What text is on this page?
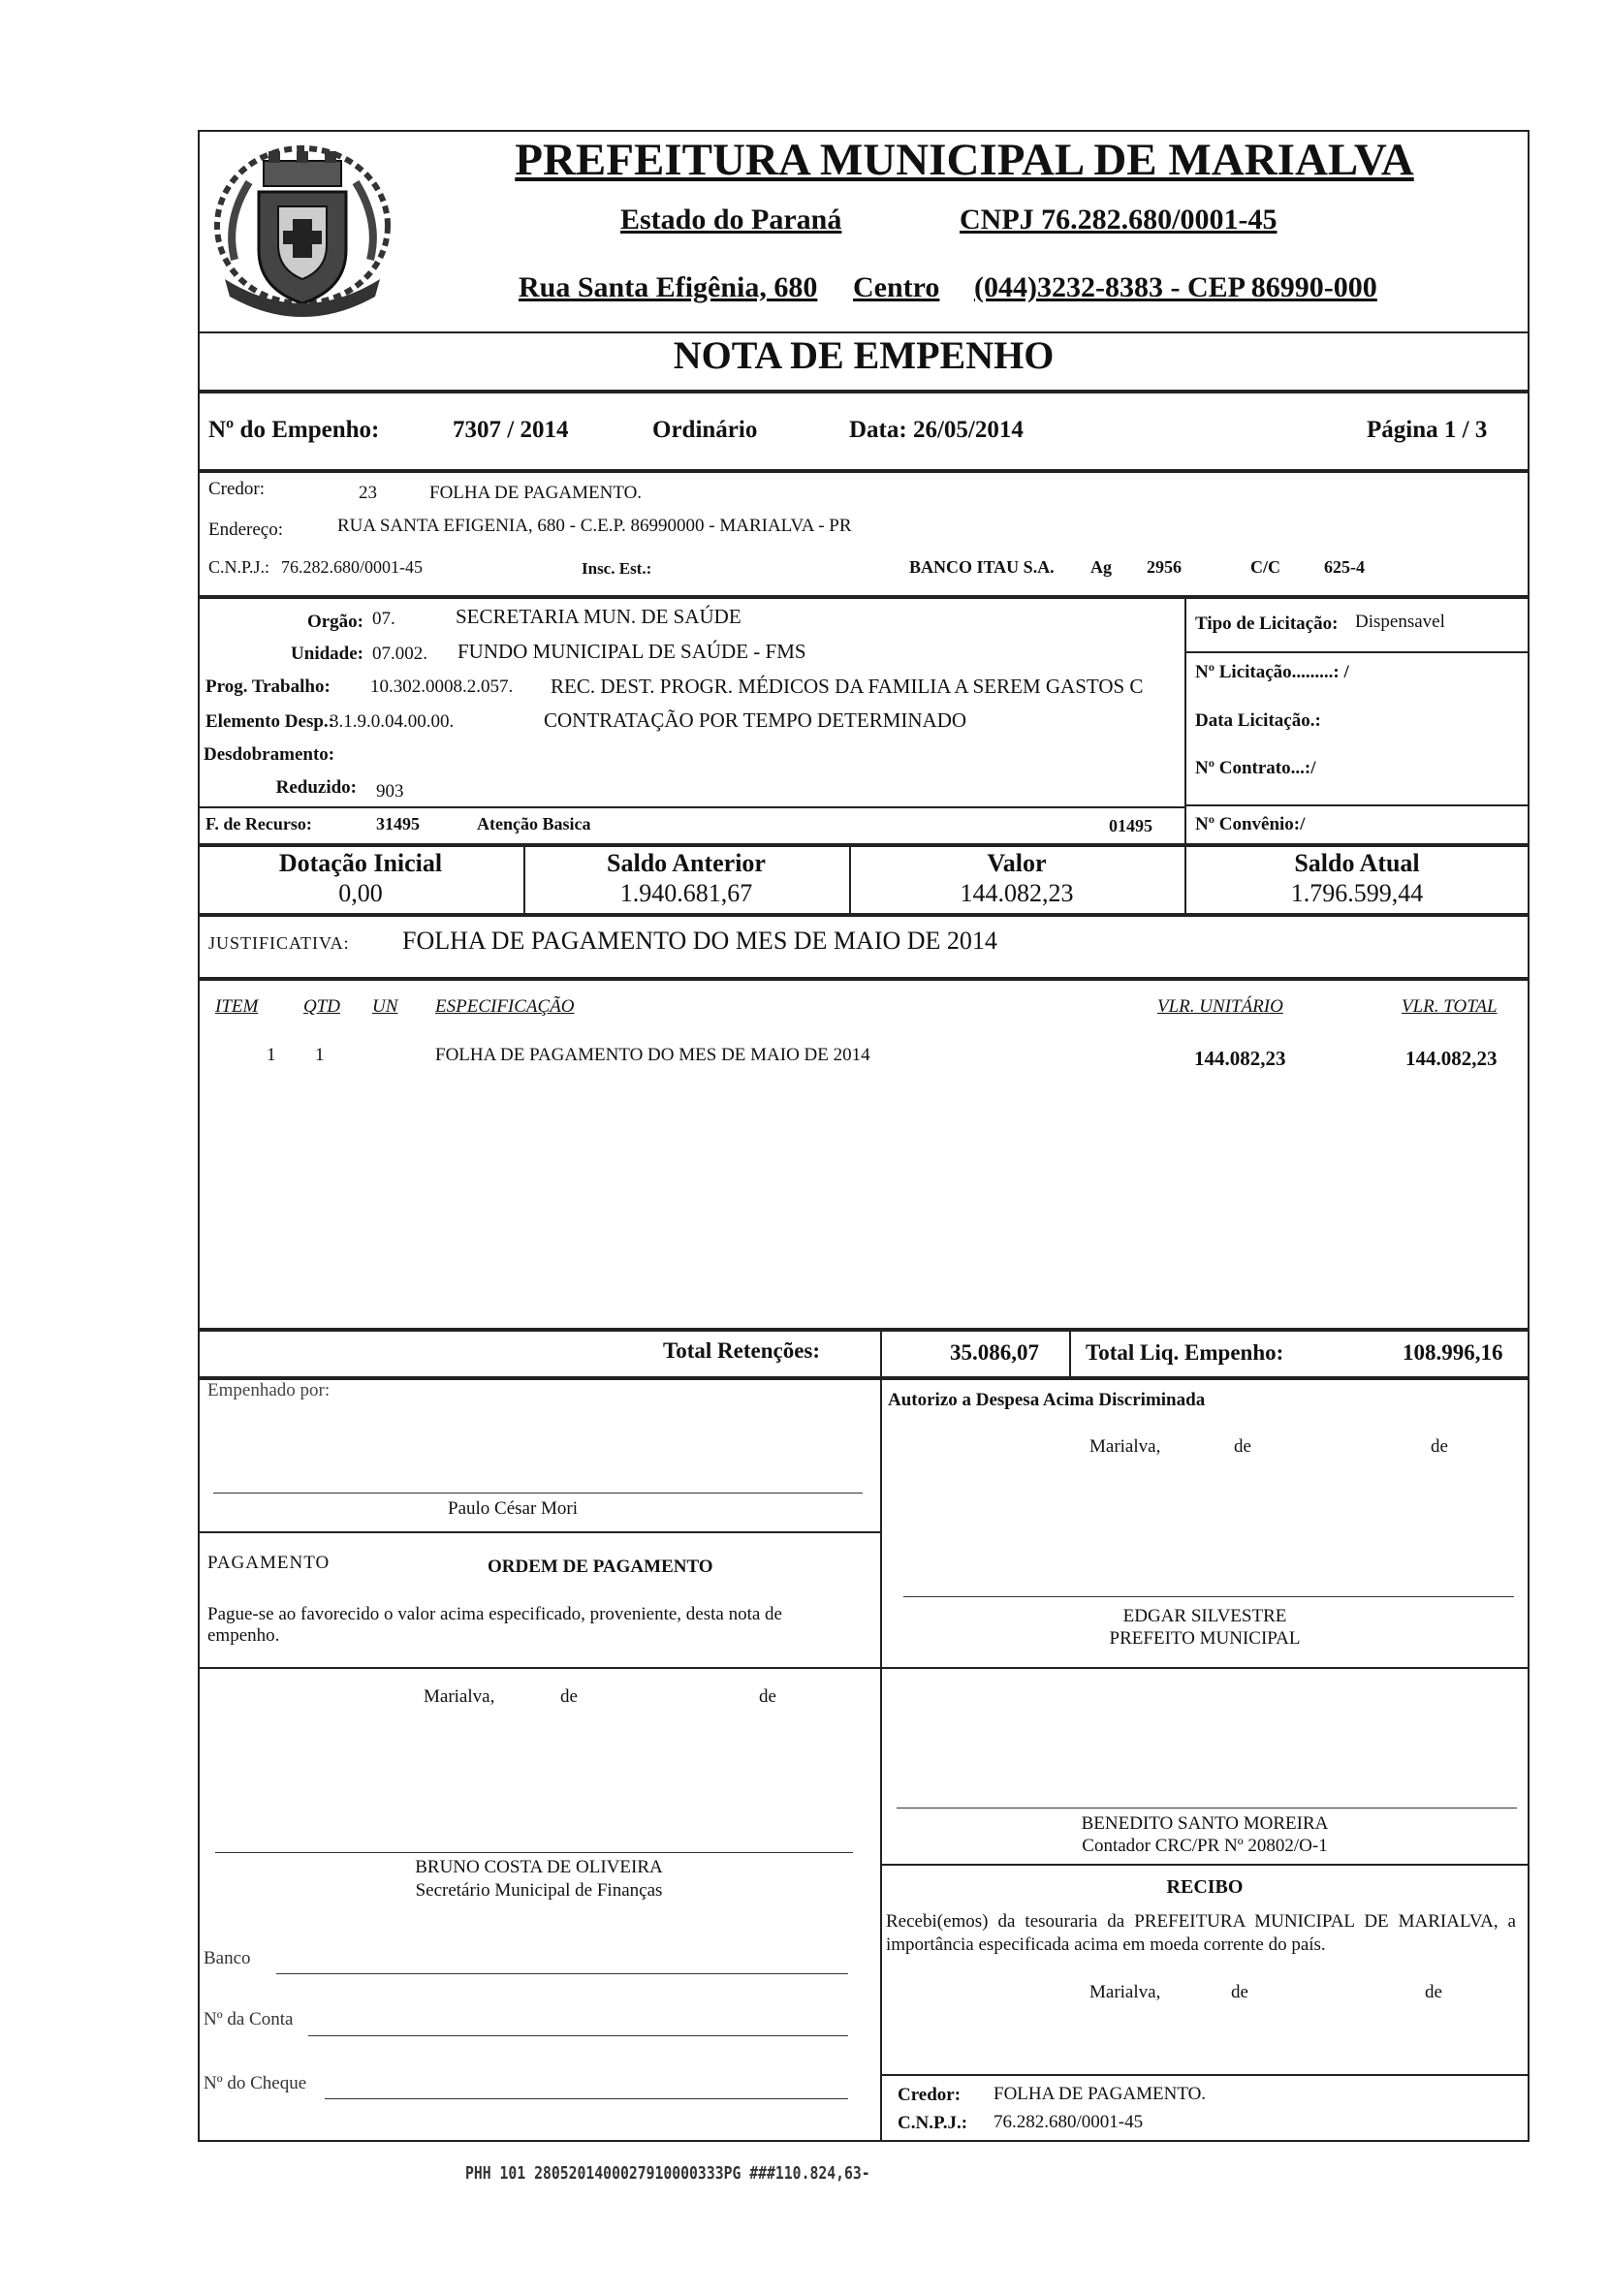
PREFEITURA MUNICIPAL DE MARIALVA
Estado do Paraná	CNPJ 76.282.680/0001-45
Rua Santa Efigênia, 680 Centro (044)3232-8383 - CEP 86990-000
NOTA DE EMPENHO
Nº do Empenho:	7307 / 2014	Ordinário	Data: 26/05/2014	Página 1 / 3
Credor:	23	FOLHA DE PAGAMENTO.
Endereço:	RUA SANTA EFIGENIA, 680 - C.E.P. 86990000 - MARIALVA - PR
C.N.P.J.: 76.282.680/0001-45	Insc. Est.:	BANCO ITAU S.A. Ag 2956	C/C	625-4
Orgão: 07.	SECRETARIA MUN. DE SAÚDE
Unidade: 07.002. FUNDO MUNICIPAL DE SAÚDE - FMS
Prog. Trabalho: 10.302.0008.2.057. REC. DEST. PROGR. MÉDICOS DA FAMILIA A SEREM GASTOS C
Elemento Desp.:
3.1.9.0.04.00.00.	CONTRATAÇÃO POR TEMPO DETERMINADO
Desdobramento:
Reduzido: 903
F. de Recurso:	31495	Atenção Basica	01495
Tipo de Licitação: Dispensavel
Nº Licitação.........: /
Data Licitação.:
Nº Contrato...:/
Nº Convênio:/
Dotação Inicial
0,00
Saldo Anterior
1.940.681,67
Valor
144.082,23
Saldo Atual
1.796.599,44
JUSTIFICATIVA: FOLHA DE PAGAMENTO DO MES DE MAIO DE 2014
ITEM QTD UN ESPECIFICAÇÃO	VLR. UNITÁRIO	VLR. TOTAL
1 1	FOLHA DE PAGAMENTO DO MES DE MAIO DE 2014	144.082,23	144.082,23
Total Retenções:	35.086,07 Total Liq. Empenho:	108.996,16
Empenhado por:
Paulo César Mori
Autorizo a Despesa Acima Discriminada
Marialva,	de	de
EDGAR SILVESTRE
PREFEITO MUNICIPAL
PAGAMENTO	ORDEM DE PAGAMENTO
Pague-se ao favorecido o valor acima especificado, proveniente, desta nota de empenho.
Marialva,	de	de
BRUNO COSTA DE OLIVEIRA
Secretário Municipal de Finanças
Banco
Nº da Conta
Nº do Cheque
BENEDITO SANTO MOREIRA
Contador CRC/PR Nº 20802/O-1
RECIBO
Recebi(emos) da tesouraria da PREFEITURA MUNICIPAL DE MARIALVA, a importância especificada acima em moeda corrente do país.
Marialva,	de	de
Credor: FOLHA DE PAGAMENTO.
C.N.P.J.: 76.282.680/0001-45
PHH 101 2805201400027910000333PG ###110.824,63-
